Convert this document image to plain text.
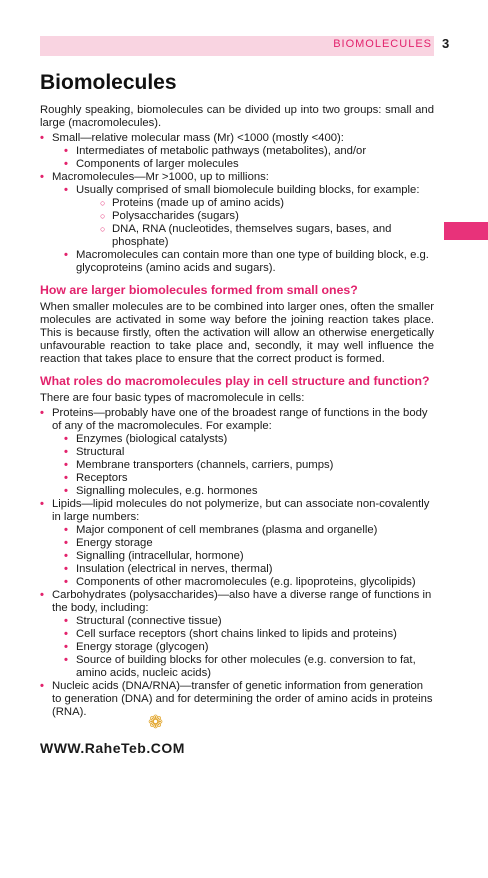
BIOMOLECULES 3
Biomolecules

Roughly speaking, biomolecules can be divided up into two groups: small and large (macromolecules).

• Small—relative molecular mass (Mr) <1000 (mostly <400):
• Intermediates of metabolic pathways (metabolites), and/or
• Components of larger molecules
• Macromolecules—Mr >1000, up to millions:
• Usually comprised of small biomolecule building blocks, for example:
○ Proteins (made up of amino acids)
○ Polysaccharides (sugars)
○ DNA, RNA (nucleotides, themselves sugars, bases, and phosphate)
• Macromolecules can contain more than one type of building block, e.g. glycoproteins (amino acids and sugars).
How are larger biomolecules formed from small ones?

When smaller molecules are to be combined into larger ones, often the smaller molecules are activated in some way before the joining reaction takes place. This is because firstly, often the activation will allow an otherwise energetically unfavourable reaction to take place and, secondly, it may well influence the reaction that takes place to ensure that the correct product is formed.

What roles do macromolecules play in cell structure and function?

There are four basic types of macromolecule in cells:

• Proteins—probably have one of the broadest range of functions in the body of any of the macromolecules. For example:
• Enzymes (biological catalysts)
• Structural
• Membrane transporters (channels, carriers, pumps)
• Receptors
• Signalling molecules, e.g. hormones
• Lipids—lipid molecules do not polymerize, but can associate non-covalently in large numbers:
• Major component of cell membranes (plasma and organelle)
• Energy storage
• Signalling (intracellular, hormone)
• Insulation (electrical in nerves, thermal)
• Components of other macromolecules (e.g. lipoproteins, glycolipids)
• Carbohydrates (polysaccharides)—also have a diverse range of functions in the body, including:
• Structural (connective tissue)
• Cell surface receptors (short chains linked to lipids and proteins)
• Energy storage (glycogen)
• Source of building blocks for other molecules (e.g. conversion to fat, amino acids, nucleic acids)
• Nucleic acids (DNA/RNA)—transfer of genetic information from generation to generation (DNA) and for determining the order of amino acids in proteins (RNA).	❁
WWW.RaheTeb.COM
